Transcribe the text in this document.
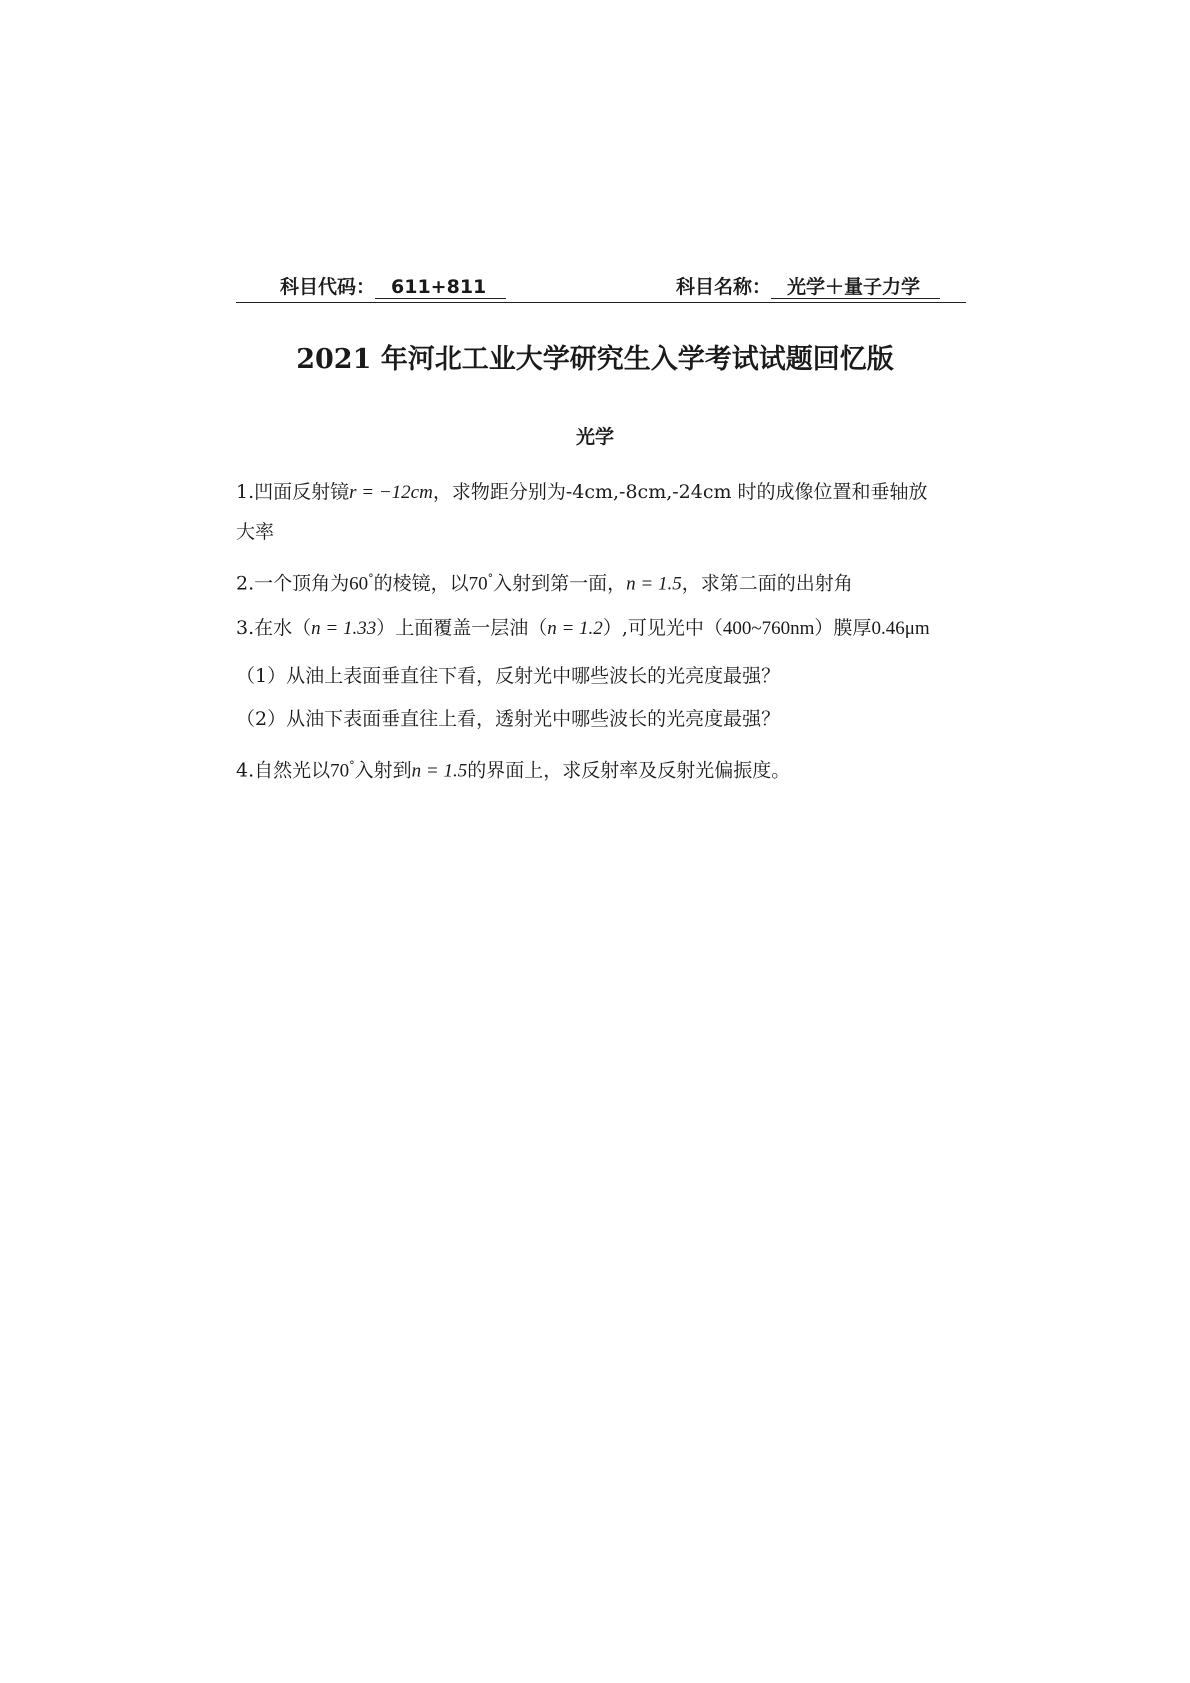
科目代码： 611+811	科目名称： 光学＋量子力学
2021 年河北工业大学研究生入学考试试题回忆版
光学
1.凹面反射镜r = −12cm，求物距分别为-4cm,-8cm,-24cm 时的成像位置和垂轴放
大率
2.一个顶角为60°的棱镜，以70°入射到第一面，n = 1.5，求第二面的出射角
3.在水（n = 1.33）上面覆盖一层油（n = 1.2）,可见光中（400~760nm）膜厚0.46μm
（1）从油上表面垂直往下看，反射光中哪些波长的光亮度最强？
（2）从油下表面垂直往上看，透射光中哪些波长的光亮度最强？
4.自然光以70°入射到n = 1.5的界面上，求反射率及反射光偏振度。
